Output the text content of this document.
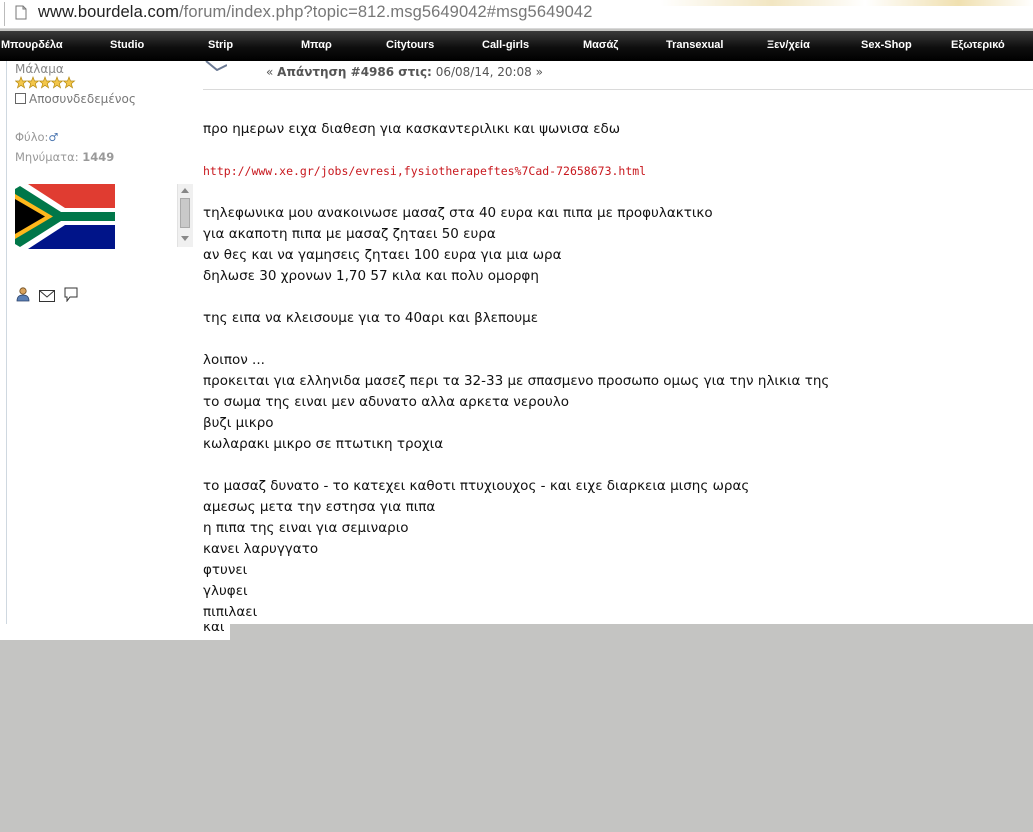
www.bourdela.com/forum/index.php?topic=812.msg5649042#msg5649042
Μπουρδέλα	Studio	Strip	Μπαρ	Citytours	Call-girls	Μασάζ	Transexual	Ξεν/χεία	Sex-Shop	Εξωτερικό
Μάλαμα
Αποσυνδεδεμένος
Φύλο:♂
Μηνύματα: 1449

« Απάντηση #4986 στις: 06/08/14, 20:08 »
προ ημερων ειχα διαθεση για κασκαντεριλικι και ψωνισα εδω
http://www.xe.gr/jobs/evresi,fysiotherapeftes%7Cad-72658673.html
τηλεφωνικα μου ανακοινωσε μασαζ στα 40 ευρα και πιπα με προφυλακτικο
για ακαποτη πιπα με μασαζ ζηταει 50 ευρα
αν θες και να γαμησεις ζηταει 100 ευρα για μια ωρα
δηλωσε 30 χρονων 1,70 57 κιλα και πολυ ομορφη
της ειπα να κλεισουμε για το 40αρι και βλεπουμε
λοιπον ...
προκειται για ελληνιδα μασεζ περι τα 32-33 με σπασμενο προσωπο ομως για την ηλικια της
το σωμα της ειναι μεν αδυνατο αλλα αρκετα νερουλο
βυζι μικρο
κωλαρακι μικρο σε πτωτικη τροχια
το μασαζ δυνατο - το κατεχει καθοτι πτυχιουχος - και ειχε διαρκεια μισης ωρας
αμεσως μετα την εστησα για πιπα
η πιπα της ειναι για σεμιναριο
κανει λαρυγγατο
φτυνει
γλυφει
πιπιλαει
και
